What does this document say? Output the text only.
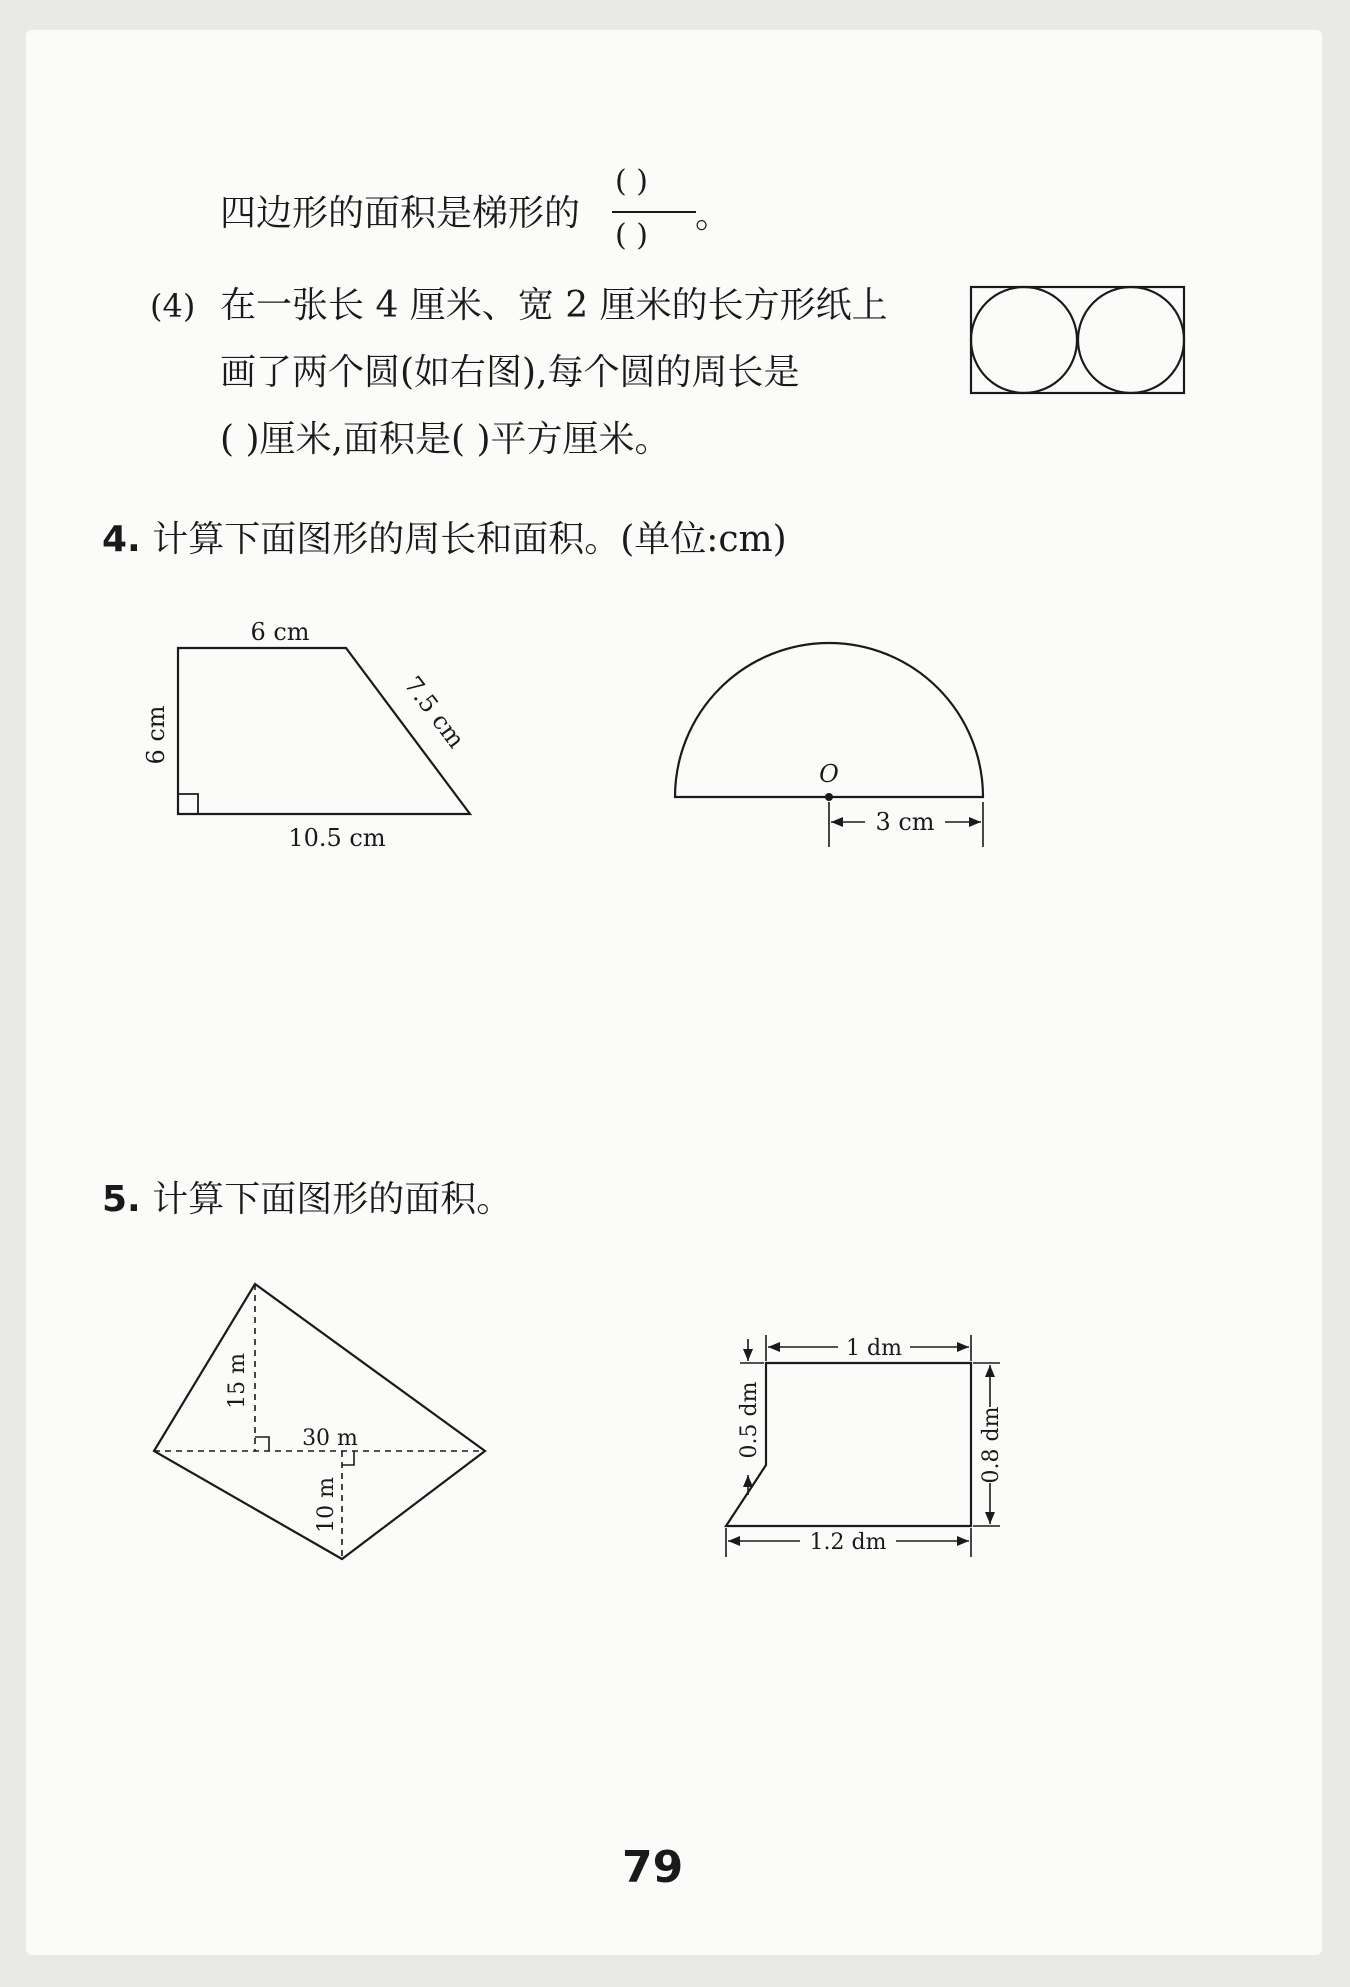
四边形的面积是梯形的
( )
( ) 。
(4) 在一张长 4 厘米、宽 2 厘米的长方形纸上
画了两个圆(如右图),每个圆的周长是
( )厘米,面积是( )平方厘米。
4. 计算下面图形的周长和面积。(单位:cm)
6 cm
6 cm	7.5 cm
10.5 cm
O
3 cm
5. 计算下面图形的面积。
15 m
30 m
10 m
1 dm
0.5 dm	0.8 dm
1.2 dm
79
